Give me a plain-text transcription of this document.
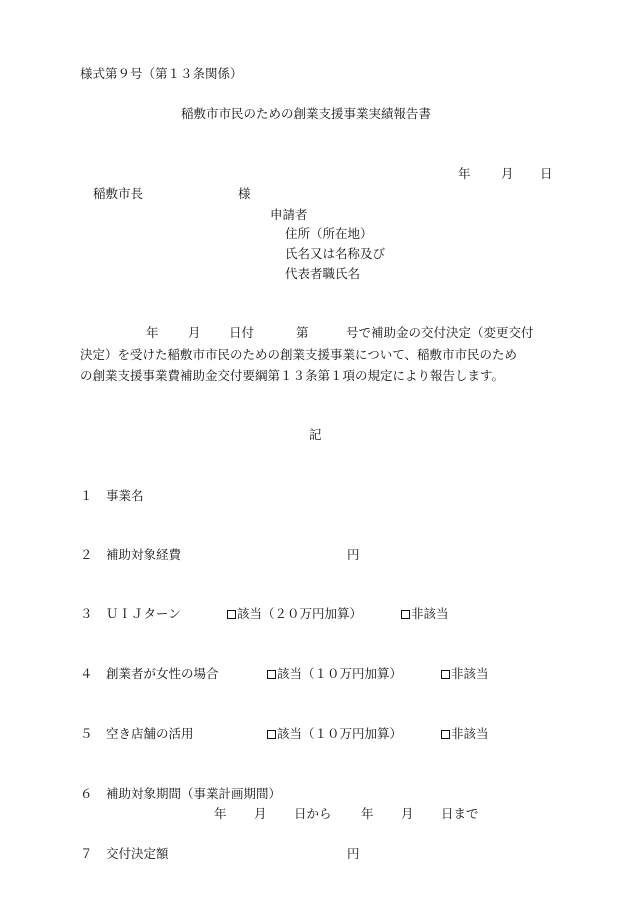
様式第９号（第１３条関係）
稲敷市市民のための創業支援事業実績報告書
年 月 日
稲敷市長	様
申請者
住所（所在地）
氏名又は名称及び
代表者職氏名
年 月 日付	第	号で補助金の交付決定（変更交付
決定）を受けた稲敷市市民のための創業支援事業について、稲敷市市民のため
の創業支援事業費補助金交付要綱第１３条第１項の規定により報告します。
記
１ 事業名
２ 補助対象経費	円
３ ＵＩＪターン	該当（２０万円加算）	非該当
４ 創業者が女性の場合	該当（１０万円加算）	非該当
５ 空き店舗の活用	該当（１０万円加算）	非該当
６ 補助対象期間（事業計画期間）
年 月 日から 年 月 日まで
７ 交付決定額	円
